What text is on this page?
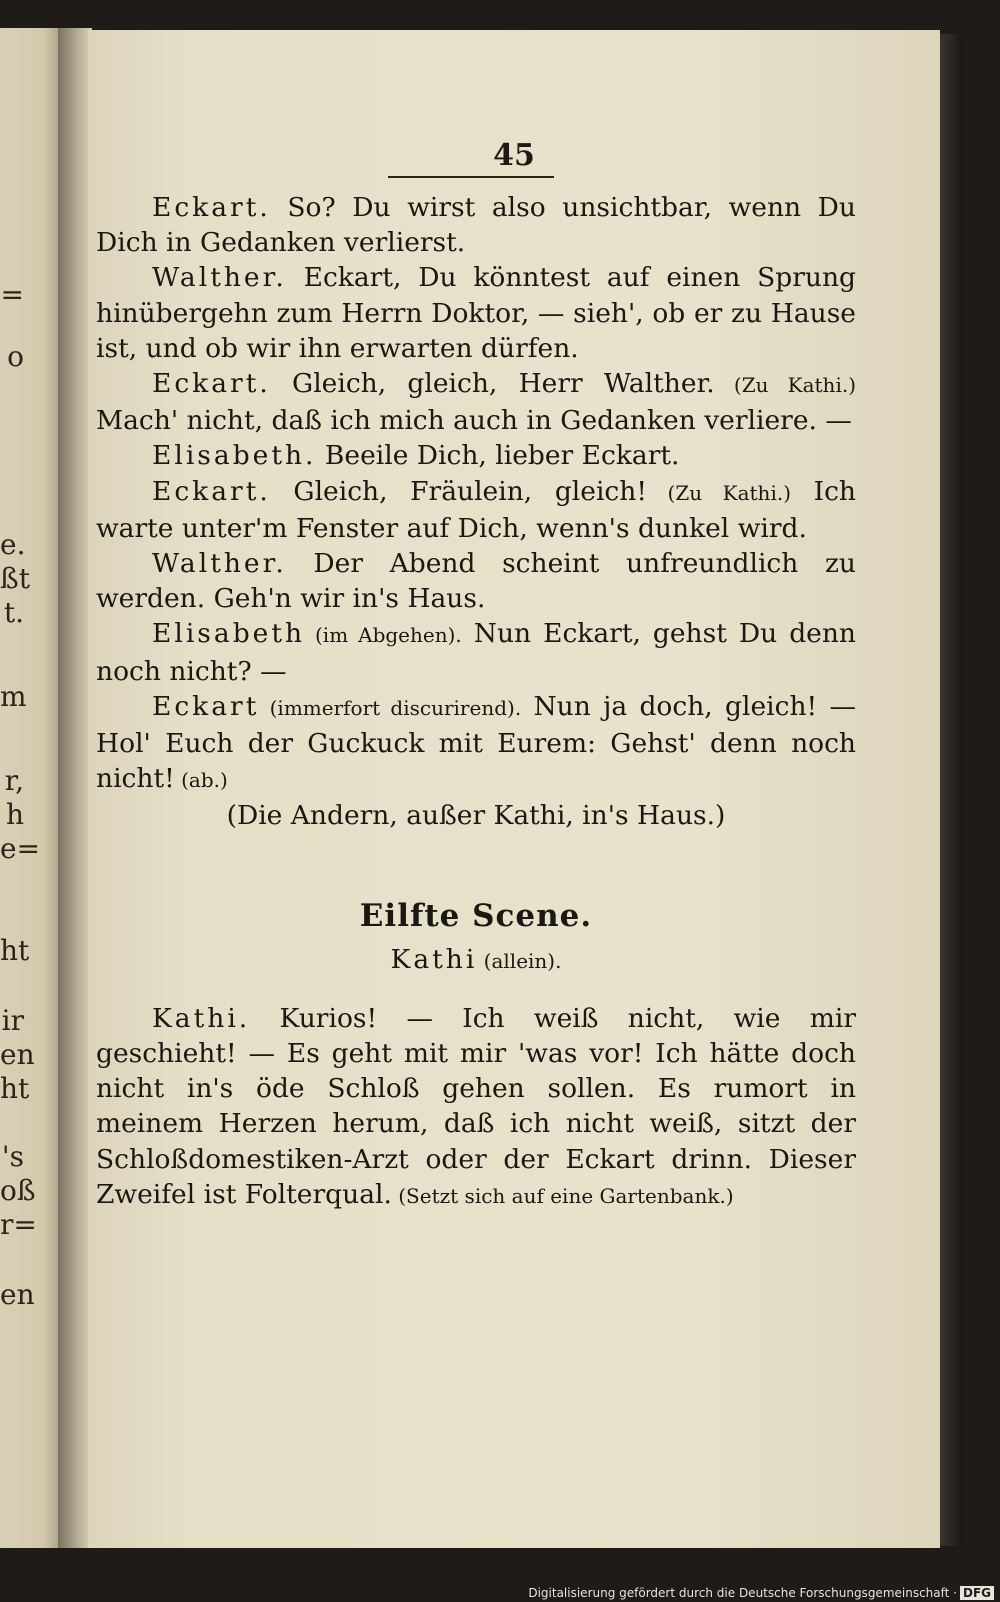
=
o
e.
ßt
t.
m
r,
h
e=
ht
ir
en
ht
's
oß
r=
en
45

Eckart. So? Du wirst also unsichtbar, wenn Du Dich in Gedanken verlierst.

Walther. Eckart, Du könntest auf einen Sprung hinübergehn zum Herrn Doktor, — sieh', ob er zu Hause ist, und ob wir ihn erwarten dürfen.

Eckart. Gleich, gleich, Herr Walther. (Zu Kathi.) Mach' nicht, daß ich mich auch in Gedanken verliere. —

Elisabeth. Beeile Dich, lieber Eckart.

Eckart. Gleich, Fräulein, gleich! (Zu Kathi.) Ich warte unter'm Fenster auf Dich, wenn's dunkel wird.

Walther. Der Abend scheint unfreundlich zu werden. Geh'n wir in's Haus.

Elisabeth (im Abgehen). Nun Eckart, gehst Du denn noch nicht? —

Eckart (immerfort discurirend). Nun ja doch, gleich! — Hol' Euch der Guckuck mit Eurem: Gehst' denn noch nicht! (ab.)

(Die Andern, außer Kathi, in's Haus.)

Eilfte Scene.

Kathi (allein).

Kathi. Kurios! — Ich weiß nicht, wie mir geschieht! — Es geht mit mir 'was vor! Ich hätte doch nicht in's öde Schloß gehen sollen. Es rumort in meinem Herzen herum, daß ich nicht weiß, sitzt der Schloßdomestiken-Arzt oder der Eckart drinn. Dieser Zweifel ist Folterqual. (Setzt sich auf eine Gartenbank.)

Digitalisierung gefördert durch die Deutsche Forschungsgemeinschaft · DFG
